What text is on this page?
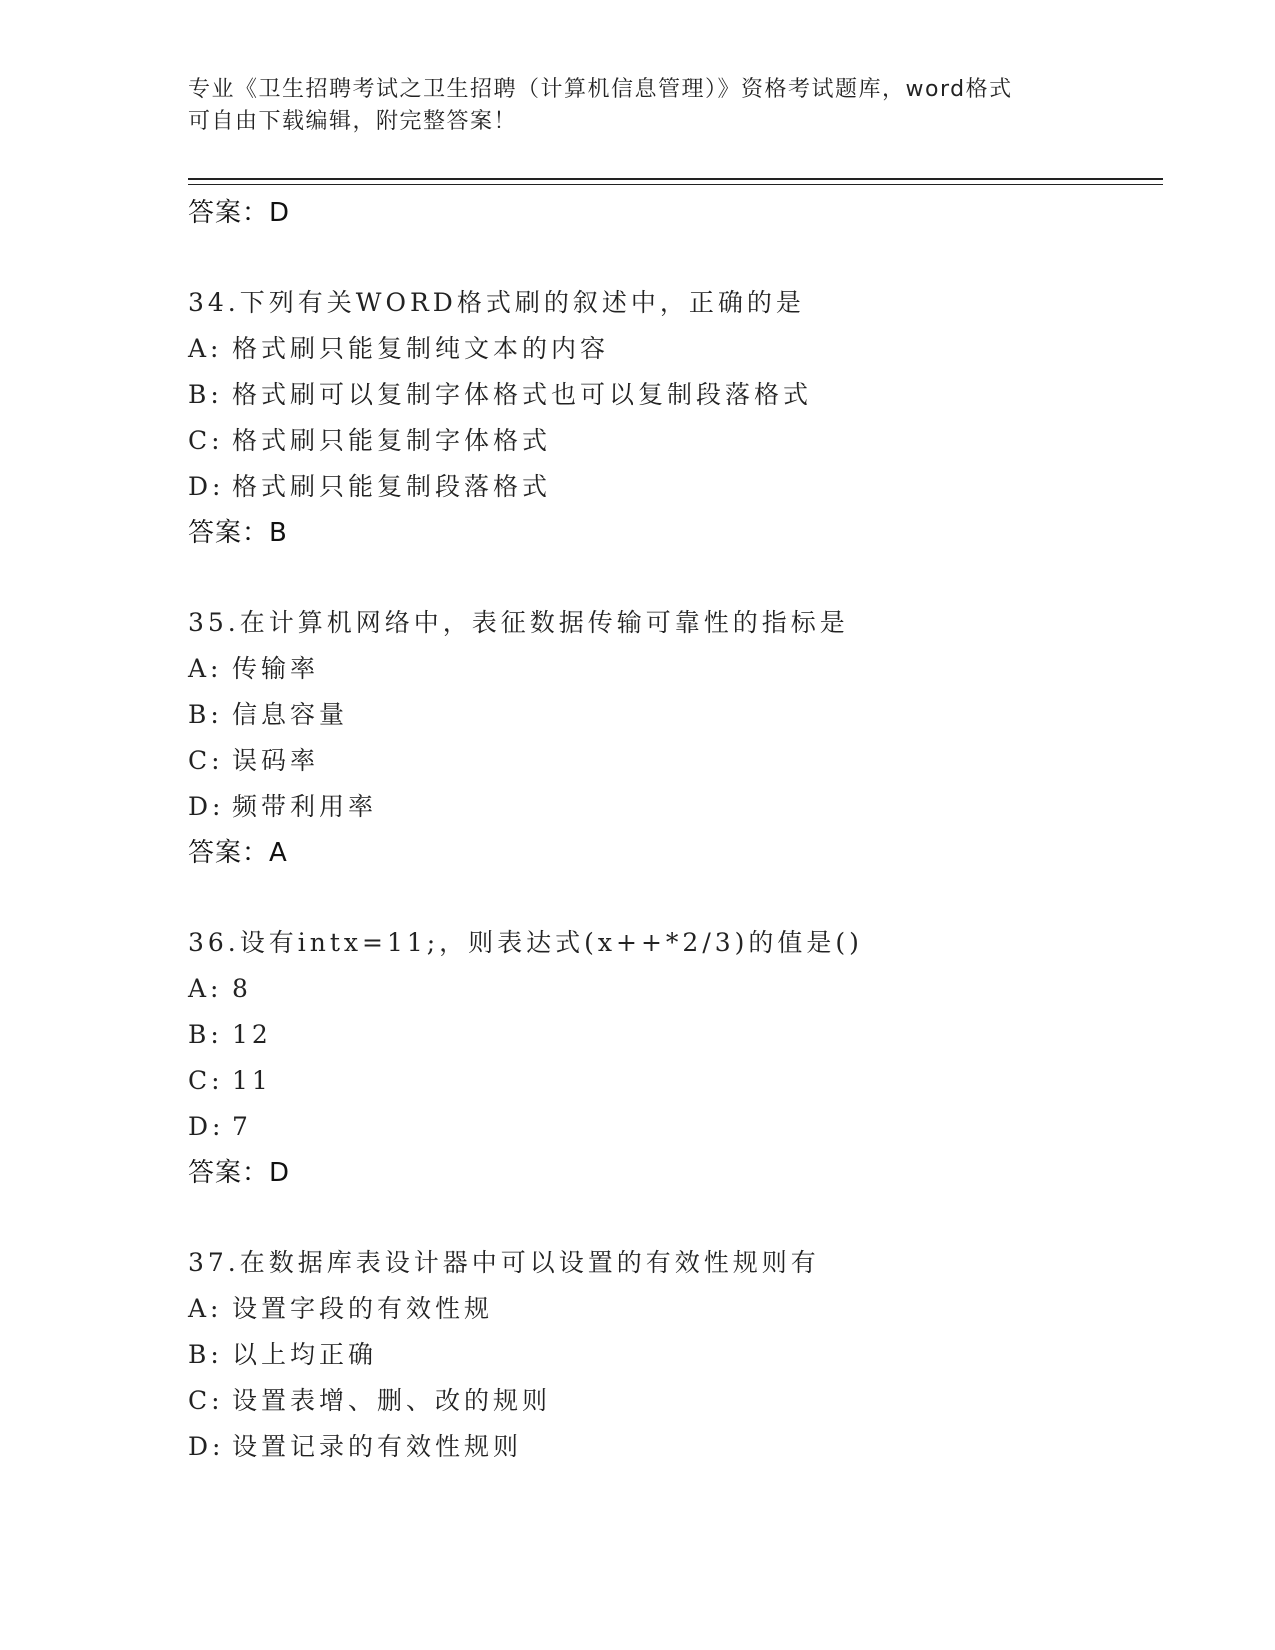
专业《卫生招聘考试之卫生招聘（计算机信息管理）》资格考试题库，word格式
可自由下载编辑，附完整答案！
答案：D
34.下列有关WORD格式刷的叙述中，正确的是
A: 格式刷只能复制纯文本的内容
B: 格式刷可以复制字体格式也可以复制段落格式
C: 格式刷只能复制字体格式
D: 格式刷只能复制段落格式
答案：B
35.在计算机网络中，表征数据传输可靠性的指标是
A: 传输率
B: 信息容量
C: 误码率
D: 频带利用率
答案：A
36.设有intx=11;，则表达式(x++*2/3)的值是()
A: 8
B: 12
C: 11
D: 7
答案：D
37.在数据库表设计器中可以设置的有效性规则有
A: 设置字段的有效性规
B: 以上均正确
C: 设置表增、删、改的规则
D: 设置记录的有效性规则
